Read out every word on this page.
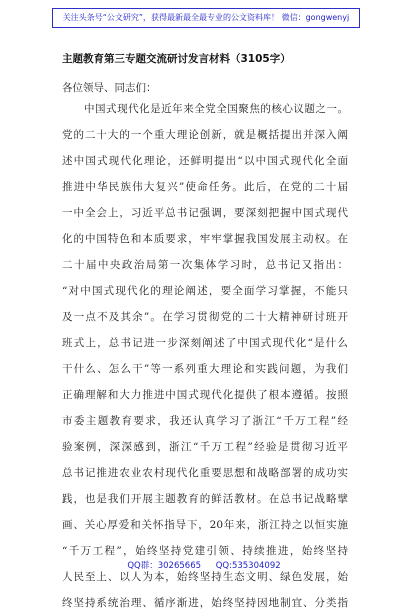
关注头条号“公文研究”，获得最新最全最专业的公文资料库！ 微信：gongwenyj
主题教育第三专题交流研讨发言材料（3105字）
各位领导、同志们：
中国式现代化是近年来全党全国聚焦的核心议题之一。
党的二十大的一个重大理论创新，就是概括提出并深入阐
述中国式现代化理论，还鲜明提出“以中国式现代化全面
推进中华民族伟大复兴”使命任务。此后，在党的二十届
一中全会上，习近平总书记强调，要深刻把握中国式现代
化的中国特色和本质要求，牢牢掌握我国发展主动权。在
二十届中央政治局第一次集体学习时，总书记又指出：
“对中国式现代化的理论阐述，要全面学习掌握，不能只
及一点不及其余”。在学习贯彻党的二十大精神研讨班开
班式上，总书记进一步深刻阐述了中国式现代化“是什么
干什么、怎么干”等一系列重大理论和实践问题，为我们
正确理解和大力推进中国式现代化提供了根本遵循。按照
市委主题教育要求，我还认真学习了浙江“千万工程”经
验案例，深深感到，浙江“千万工程”经验是贯彻习近平
总书记推进农业农村现代化重要思想和战略部署的成功实
践，也是我们开展主题教育的鲜活教材。在总书记战略擘
画、关心厚爱和关怀指导下，20年来，浙江持之以恒实施
“千万工程”，始终坚持党建引领、持续推进，始终坚持
人民至上、以人为本，始终坚持生态文明、绿色发展，始
终坚持系统治理、循序渐进，始终坚持因地制宜、分类指
QQ群：30265665 QQ:535304092
